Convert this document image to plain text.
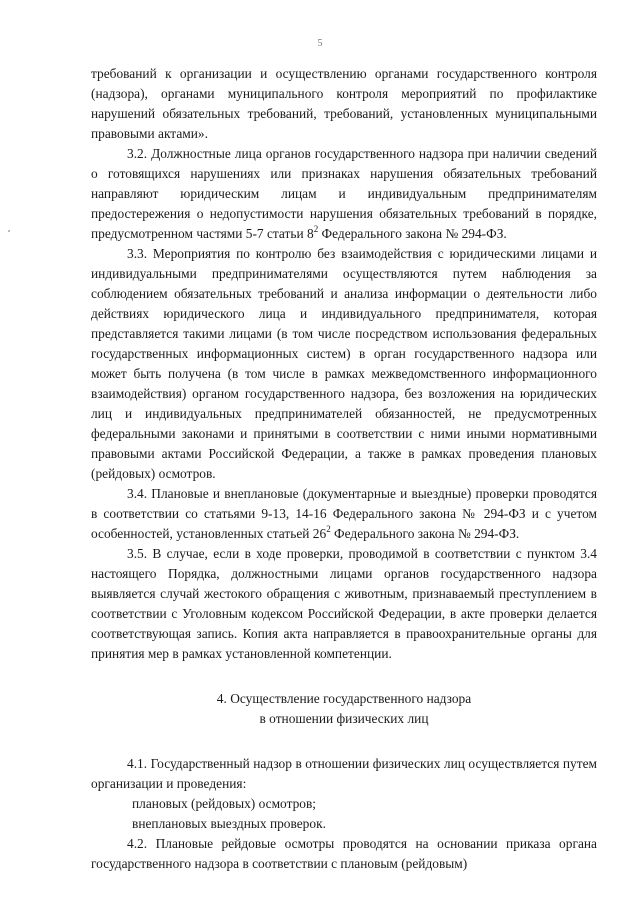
5

требований к организации и осуществлению органами государственного контроля (надзора), органами муниципального контроля мероприятий по профилактике нарушений обязательных требований, требований, установленных муниципальными правовыми актами».

3.2. Должностные лица органов государственного надзора при наличии сведений о готовящихся нарушениях или признаках нарушения обязательных требований направляют юридическим лицам и индивидуальным предпринимателям предостережения о недопустимости нарушения обязательных требований в порядке, предусмотренном частями 5-7 статьи $8^2$ Федерального закона № 294-ФЗ.

3.3. Мероприятия по контролю без взаимодействия с юридическими лицами и индивидуальными предпринимателями осуществляются путем наблюдения за соблюдением обязательных требований и анализа информации о деятельности либо действиях юридического лица и индивидуального предпринимателя, которая представляется такими лицами (в том числе посредством использования федеральных государственных информационных систем) в орган государственного надзора или может быть получена (в том числе в рамках межведомственного информационного взаимодействия) органом государственного надзора, без возложения на юридических лиц и индивидуальных предпринимателей обязанностей, не предусмотренных федеральными законами и принятыми в соответствии с ними иными нормативными правовыми актами Российской Федерации, а также в рамках проведения плановых (рейдовых) осмотров.

3.4. Плановые и внеплановые (документарные и выездные) проверки проводятся в соответствии со статьями 9-13, 14-16 Федерального закона № 294-ФЗ и с учетом особенностей, установленных статьей $26^2$ Федерального закона № 294-ФЗ.

3.5. В случае, если в ходе проверки, проводимой в соответствии с пунктом 3.4 настоящего Порядка, должностными лицами органов государственного надзора выявляется случай жестокого обращения с животным, признаваемый преступлением в соответствии с Уголовным кодексом Российской Федерации, в акте проверки делается соответствующая запись. Копия акта направляется в правоохранительные органы для принятия мер в рамках установленной компетенции.

4. Осуществление государственного надзора
в отношении физических лиц

4.1. Государственный надзор в отношении физических лиц осуществляется путем организации и проведения:

плановых (рейдовых) осмотров;

внеплановых выездных проверок.

4.2. Плановые рейдовые осмотры проводятся на основании приказа органа государственного надзора в соответствии с плановым (рейдовым)
